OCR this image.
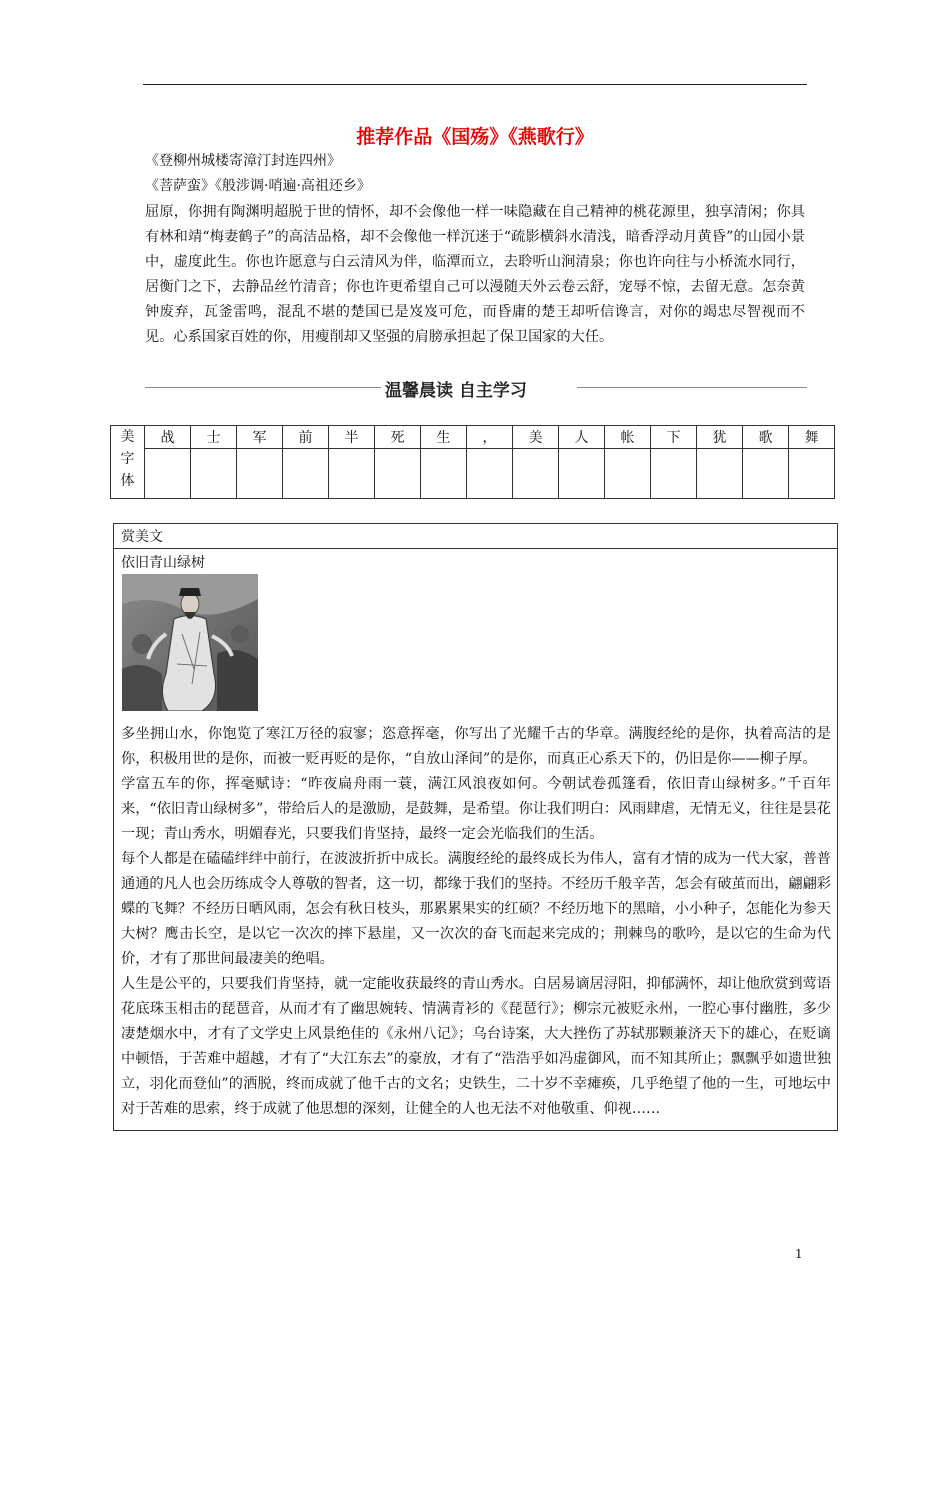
推荐作品《国殇》《燕歌行》
《登柳州城楼寄漳汀封连四州》
《菩萨蛮》《般涉调·哨遍·高祖还乡》

屈原，你拥有陶渊明超脱于世的情怀，却不会像他一样一味隐藏在自己精神的桃花源里，独享清闲；你具有林和靖“梅妻鹤子”的高洁品格，却不会像他一样沉迷于“疏影横斜水清浅，暗香浮动月黄昏”的山园小景中，虚度此生。你也许愿意与白云清风为伴，临潭而立，去聆听山涧清泉；你也许向往与小桥流水同行，居衡门之下，去静品丝竹清音；你也许更希望自己可以漫随天外云卷云舒，宠辱不惊，去留无意。怎奈黄钟废弃，瓦釜雷鸣，混乱不堪的楚国已是岌岌可危，而昏庸的楚王却听信谗言，对你的竭忠尽智视而不见。心系国家百姓的你，用瘦削却又坚强的肩膀承担起了保卫国家的大任。

温馨晨读 自主学习
美字体	战	士	军	前	半	死	生	，	美	人	帐	下	犹	歌	舞

赏美文
依旧青山绿树

多坐拥山水，你饱览了寒江万径的寂寥；恣意挥毫，你写出了光耀千古的华章。满腹经纶的是你，执着高洁的是你，积极用世的是你，而被一贬再贬的是你，“自放山泽间”的是你，而真正心系天下的，仍旧是你——柳子厚。

学富五车的你，挥毫赋诗：“昨夜扁舟雨一蓑，满江风浪夜如何。今朝试卷孤篷看，依旧青山绿树多。”千百年来，“依旧青山绿树多”，带给后人的是激励，是鼓舞，是希望。你让我们明白：风雨肆虐，无情无义，往往是昙花一现；青山秀水，明媚春光，只要我们肯坚持，最终一定会光临我们的生活。

每个人都是在磕磕绊绊中前行，在波波折折中成长。满腹经纶的最终成长为伟人，富有才情的成为一代大家，普普通通的凡人也会历练成令人尊敬的智者，这一切，都缘于我们的坚持。不经历千般辛苦，怎会有破茧而出，翩翩彩蝶的飞舞？不经历日晒风雨，怎会有秋日枝头，那累累果实的红硕？不经历地下的黑暗，小小种子，怎能化为参天大树？鹰击长空，是以它一次次的摔下悬崖，又一次次的奋飞而起来完成的；荆棘鸟的歌吟，是以它的生命为代价，才有了那世间最凄美的绝唱。

人生是公平的，只要我们肯坚持，就一定能收获最终的青山秀水。白居易谪居浔阳，抑郁满怀，却让他欣赏到莺语花底珠玉相击的琵琶音，从而才有了幽思婉转、情满青衫的《琵琶行》；柳宗元被贬永州，一腔心事付幽胜，多少凄楚烟水中，才有了文学史上风景绝佳的《永州八记》；乌台诗案，大大挫伤了苏轼那颗兼济天下的雄心，在贬谪中顿悟，于苦难中超越，才有了“大江东去”的豪放，才有了“浩浩乎如冯虚御风，而不知其所止；飘飘乎如遗世独立，羽化而登仙”的洒脱，终而成就了他千古的文名；史铁生，二十岁不幸瘫痪，几乎绝望了他的一生，可地坛中对于苦难的思索，终于成就了他思想的深刻，让健全的人也无法不对他敬重、仰视……

1
